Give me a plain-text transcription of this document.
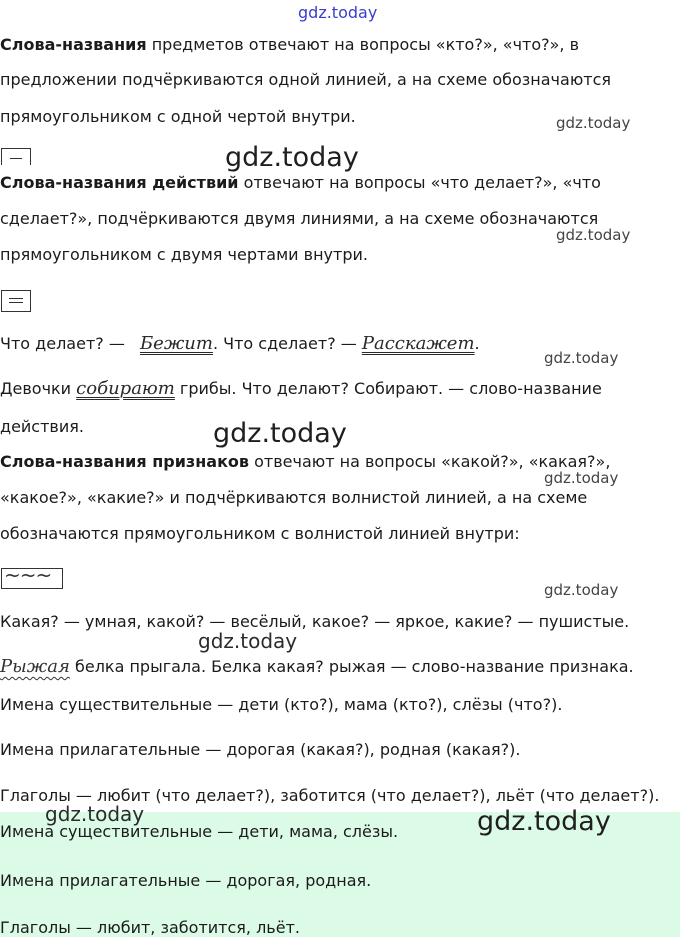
gdz.today
Слова-названия предметов отвечают на вопросы «кто?», «что?», в
предложении подчёркиваются одной линией, а на схеме обозначаются
прямоугольником с одной чертой внутри.	gdz.today
gdz.today
Слова-названия действий отвечают на вопросы «что делает?», «что
сделает?», подчёркиваются двумя линиями, а на схеме обозначаются
gdz.today
прямоугольником с двумя чертами внутри.
Что делает? — Бежит. Что сделает? — Расскажет.
gdz.today
Девочки собирают грибы. Что делают? Собирают. — слово-название
действия.	gdz.today
Слова-названия признаков отвечают на вопросы «какой?», «какая?»,
gdz.today
«какое?», «какие?» и подчёркиваются волнистой линией, а на схеме
обозначаются прямоугольником с волнистой линией внутри:
~~~
gdz.today
Какая? — умная, какой? — весёлый, какое? — яркое, какие? — пушистые.
gdz.today
Рыжая белка прыгала. Белка какая? рыжая — слово-название признака.
Имена существительные — дети (кто?), мама (кто?), слёзы (что?).
Имена прилагательные — дорогая (какая?), родная (какая?).
Глаголы — любит (что делает?), заботится (что делает?), льёт (что делает?).
gdz.today	gdz.today
Имена существительные — дети, мама, слёзы.
Имена прилагательные — дорогая, родная.
Глаголы — любит, заботится, льёт.
